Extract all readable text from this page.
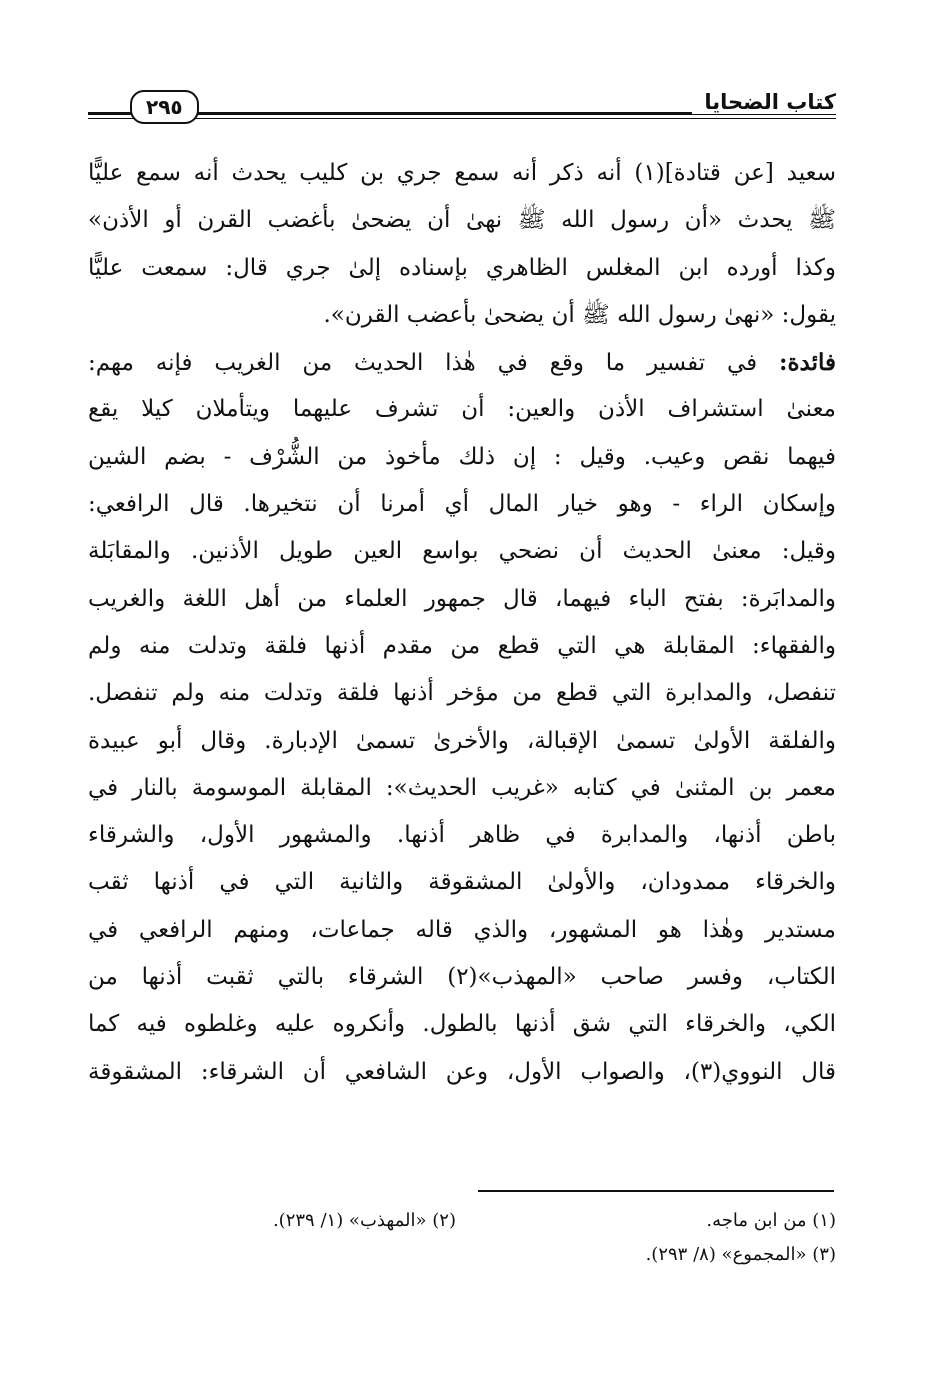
كتاب الضحايا
٢٩٥
سعيد [عن قتادة](١) أنه ذكر أنه سمع جري بن كليب يحدث أنه سمع عليًّا
ﷺ يحدث «أن رسول الله ﷺ نهىٰ أن يضحىٰ بأغضب القرن أو الأذن»
وكذا أورده ابن المغلس الظاهري بإسناده إلىٰ جري قال: سمعت عليًّا
يقول: «نهىٰ رسول الله ﷺ أن يضحىٰ بأعضب القرن».
فائدة: في تفسير ما وقع في هٰذا الحديث من الغريب فإنه مهم:
معنىٰ استشراف الأذن والعين: أن تشرف عليهما ويتأملان كيلا يقع
فيهما نقص وعيب. وقيل : إن ذلك مأخوذ من الشُّرْف - بضم الشين
وإسكان الراء - وهو خيار المال أي أمرنا أن نتخيرها. قال الرافعي:
وقيل: معنىٰ الحديث أن نضحي بواسع العين طويل الأذنين. والمقابَلة
والمدابَرة: بفتح الباء فيهما، قال جمهور العلماء من أهل اللغة والغريب
والفقهاء: المقابلة هي التي قطع من مقدم أذنها فلقة وتدلت منه ولم
تنفصل، والمدابرة التي قطع من مؤخر أذنها فلقة وتدلت منه ولم تنفصل.
والفلقة الأولىٰ تسمىٰ الإقبالة، والأخرىٰ تسمىٰ الإدبارة. وقال أبو عبيدة
معمر بن المثنىٰ في كتابه «غريب الحديث»: المقابلة الموسومة بالنار في
باطن أذنها، والمدابرة في ظاهر أذنها. والمشهور الأول، والشرقاء
والخرقاء ممدودان، والأولىٰ المشقوقة والثانية التي في أذنها ثقب
مستدير وهٰذا هو المشهور، والذي قاله جماعات، ومنهم الرافعي في
الكتاب، وفسر صاحب «المهذب»(٢) الشرقاء بالتي ثقبت أذنها من
الكي، والخرقاء التي شق أذنها بالطول. وأنكروه عليه وغلطوه فيه كما
قال النووي(٣)، والصواب الأول، وعن الشافعي أن الشرقاء: المشقوقة
(١) من ابن ماجه.
(٢) «المهذب» (١/ ٢٣٩).
(٣) «المجموع» (٨/ ٢٩٣).
